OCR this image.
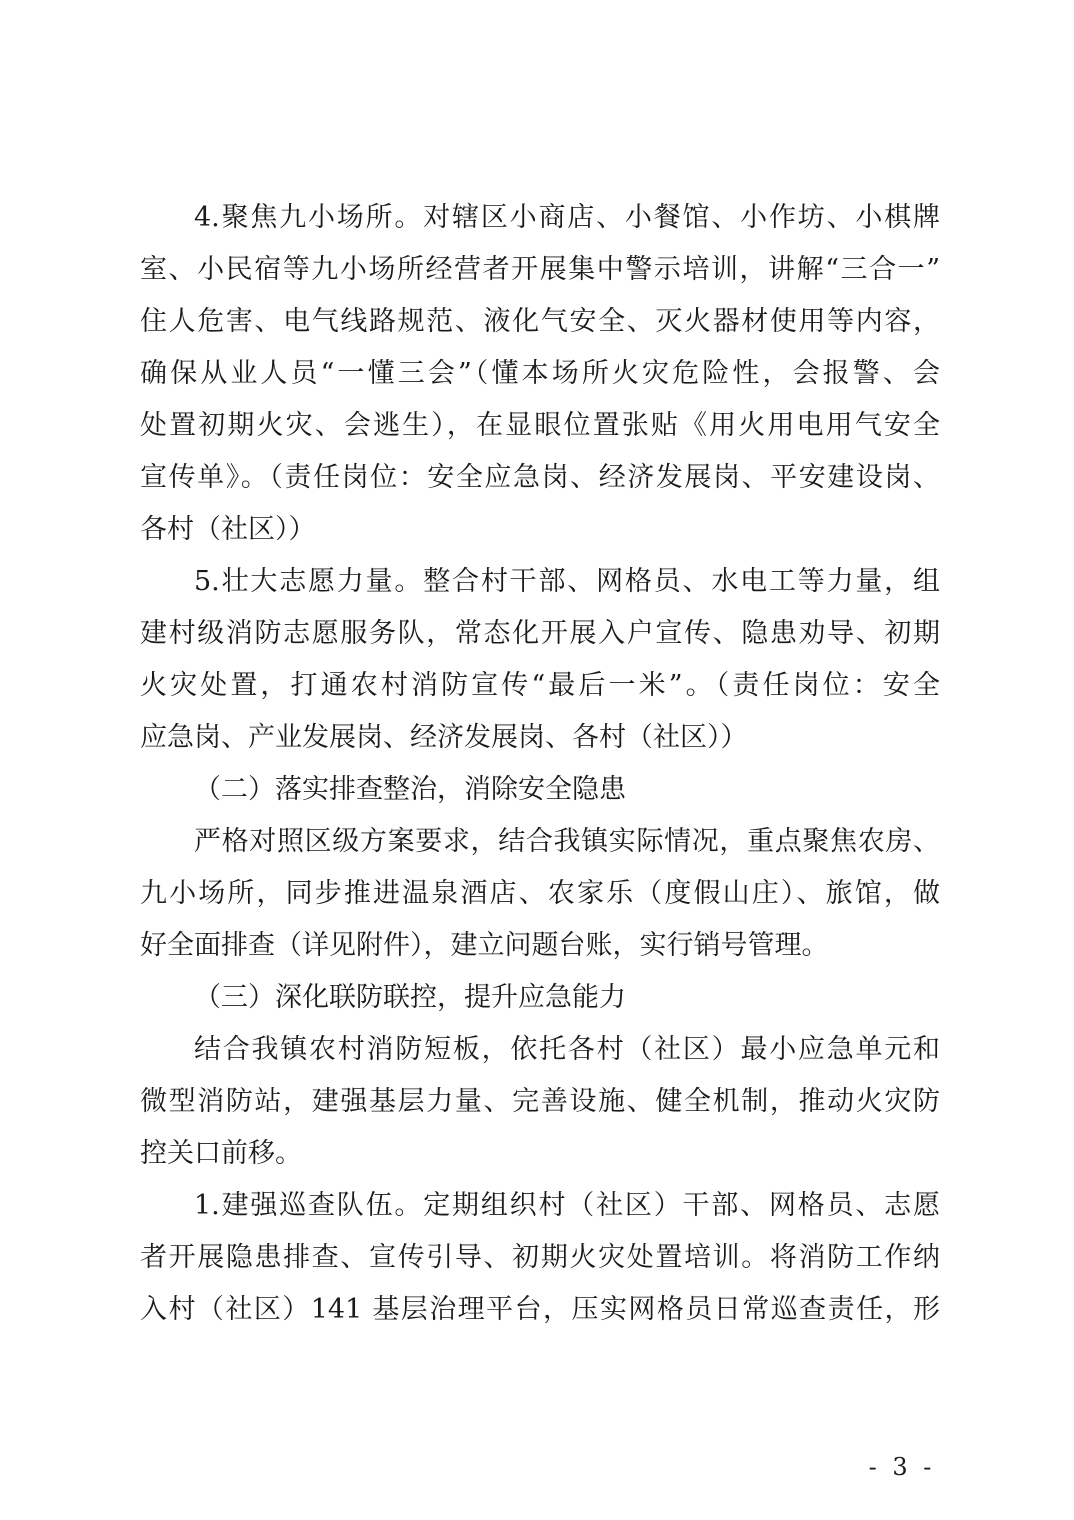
4.聚焦九小场所。对辖区小商店、小餐馆、小作坊、小棋牌
室、小民宿等九小场所经营者开展集中警示培训，讲解“三合一”
住人危害、电气线路规范、液化气安全、灭火器材使用等内容，
确保从业人员“一懂三会”（懂本场所火灾危险性，会报警、会
处置初期火灾、会逃生），在显眼位置张贴《用火用电用气安全
宣传单》。（责任岗位：安全应急岗、经济发展岗、平安建设岗、
各村（社区））
5.壮大志愿力量。整合村干部、网格员、水电工等力量，组
建村级消防志愿服务队，常态化开展入户宣传、隐患劝导、初期
火灾处置，打通农村消防宣传“最后一米”。（责任岗位：安全
应急岗、产业发展岗、经济发展岗、各村（社区））
（二）落实排查整治，消除安全隐患
严格对照区级方案要求，结合我镇实际情况，重点聚焦农房、
九小场所，同步推进温泉酒店、农家乐（度假山庄）、旅馆，做
好全面排查（详见附件），建立问题台账，实行销号管理。
（三）深化联防联控，提升应急能力
结合我镇农村消防短板，依托各村（社区）最小应急单元和
微型消防站，建强基层力量、完善设施、健全机制，推动火灾防
控关口前移。
1.建强巡查队伍。定期组织村（社区）干部、网格员、志愿
者开展隐患排查、宣传引导、初期火灾处置培训。将消防工作纳
入村（社区）141 基层治理平台，压实网格员日常巡查责任，形
- 3 -
